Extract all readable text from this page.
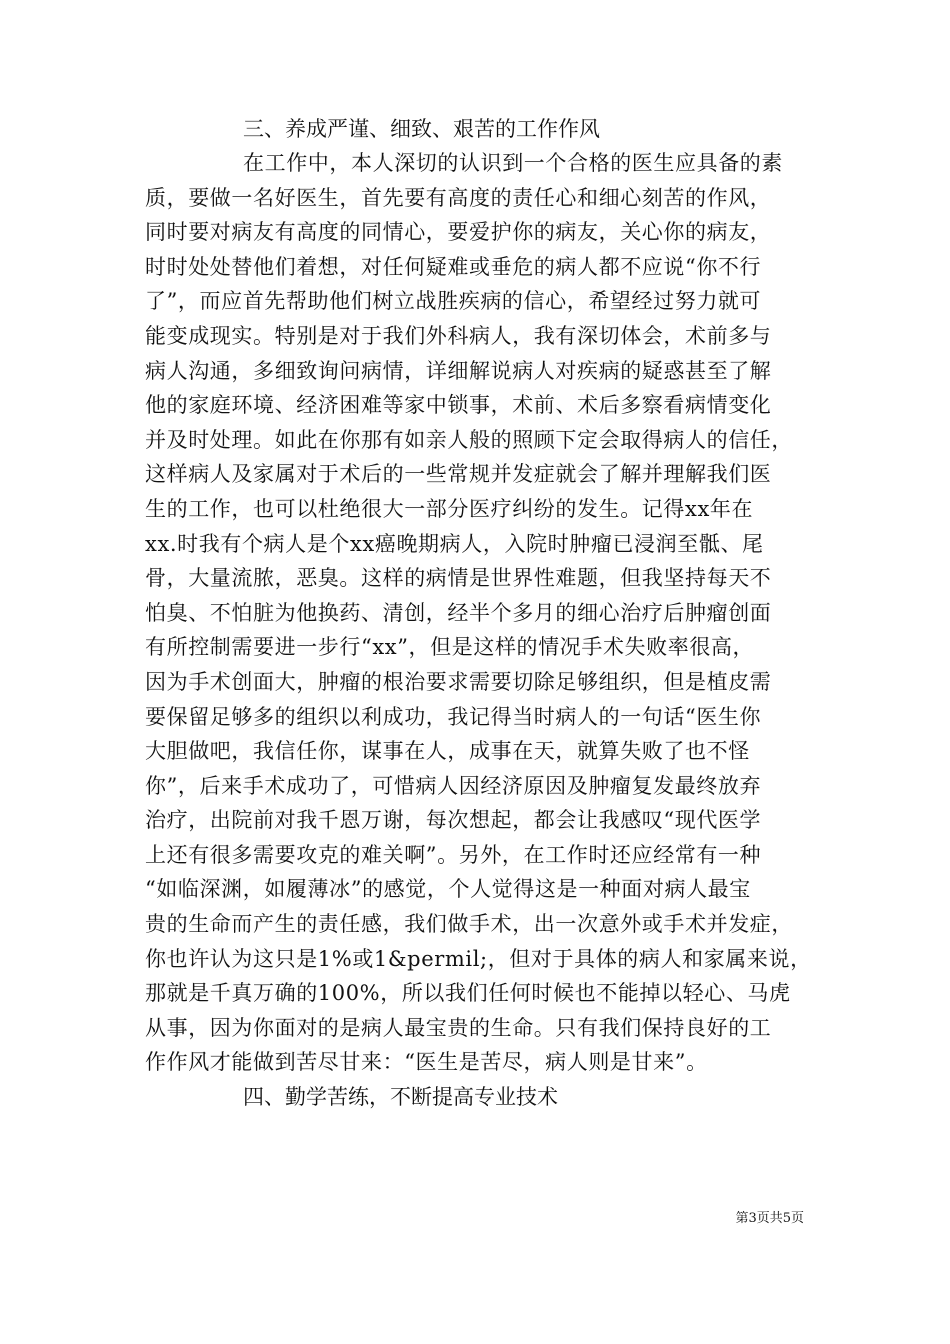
三、养成严谨、细致、艰苦的工作作风

在工作中，本人深切的认识到一个合格的医生应具备的素
质，要做一名好医生，首先要有高度的责任心和细心刻苦的作风，
同时要对病友有高度的同情心，要爱护你的病友，关心你的病友，
时时处处替他们着想，对任何疑难或垂危的病人都不应说“你不行
了”，而应首先帮助他们树立战胜疾病的信心，希望经过努力就可
能变成现实。特别是对于我们外科病人，我有深切体会，术前多与
病人沟通，多细致询问病情，详细解说病人对疾病的疑惑甚至了解
他的家庭环境、经济困难等家中锁事，术前、术后多察看病情变化
并及时处理。如此在你那有如亲人般的照顾下定会取得病人的信任，
这样病人及家属对于术后的一些常规并发症就会了解并理解我们医
生的工作，也可以杜绝很大一部分医疗纠纷的发生。记得xx年在
xx.时我有个病人是个xx癌晚期病人，入院时肿瘤已浸润至骶、尾
骨，大量流脓，恶臭。这样的病情是世界性难题，但我坚持每天不
怕臭、不怕脏为他换药、清创，经半个多月的细心治疗后肿瘤创面
有所控制需要进一步行“xx”，但是这样的情况手术失败率很高，
因为手术创面大，肿瘤的根治要求需要切除足够组织，但是植皮需
要保留足够多的组织以利成功，我记得当时病人的一句话“医生你
大胆做吧，我信任你，谋事在人，成事在天，就算失败了也不怪
你”，后来手术成功了，可惜病人因经济原因及肿瘤复发最终放弃
治疗，出院前对我千恩万谢，每次想起，都会让我感叹“现代医学
上还有很多需要攻克的难关啊”。另外，在工作时还应经常有一种
“如临深渊，如履薄冰”的感觉，个人觉得这是一种面对病人最宝
贵的生命而产生的责任感，我们做手术，出一次意外或手术并发症，
你也许认为这只是1%或1&permil;，但对于具体的病人和家属来说，
那就是千真万确的100%，所以我们任何时候也不能掉以轻心、马虎
从事，因为你面对的是病人最宝贵的生命。只有我们保持良好的工
作作风才能做到苦尽甘来：“医生是苦尽，病人则是甘来”。

四、勤学苦练，不断提高专业技术

第3页共5页
